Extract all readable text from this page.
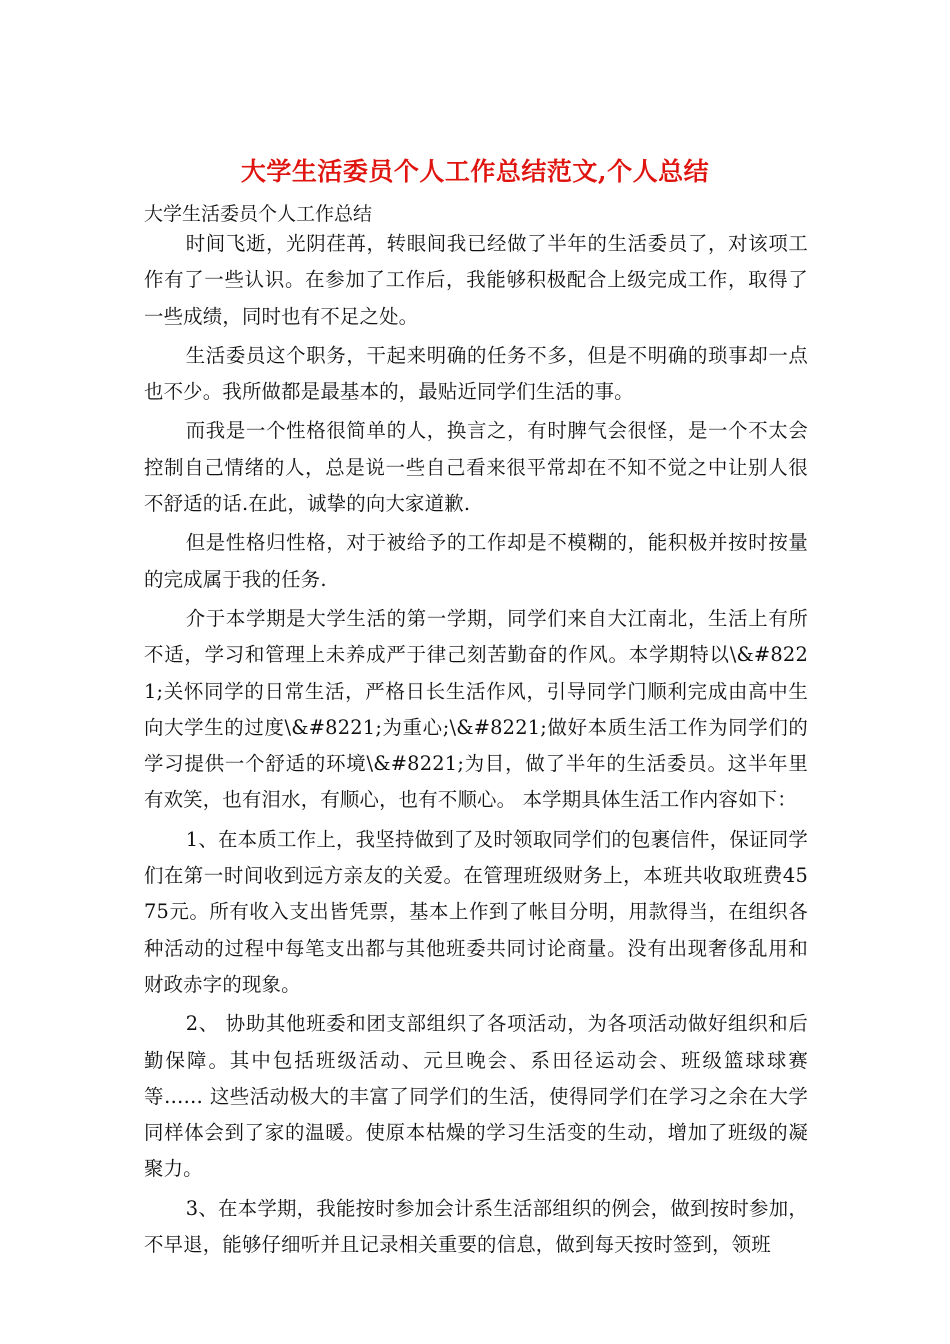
大学生活委员个人工作总结范文,个人总结
大学生活委员个人工作总结

时间飞逝，光阴荏苒，转眼间我已经做了半年的生活委员了，对该项工作有了一些认识。在参加了工作后，我能够积极配合上级完成工作，取得了一些成绩，同时也有不足之处。

生活委员这个职务，干起来明确的任务不多，但是不明确的琐事却一点也不少。我所做都是最基本的，最贴近同学们生活的事。

而我是一个性格很简单的人，换言之，有时脾气会很怪，是一个不太会控制自己情绪的人，总是说一些自己看来很平常却在不知不觉之中让别人很不舒适的话.在此，诚挚的向大家道歉.

但是性格归性格，对于被给予的工作却是不模糊的，能积极并按时按量的完成属于我的任务.

介于本学期是大学生活的第一学期，同学们来自大江南北，生活上有所不适，学习和管理上未养成严于律己刻苦勤奋的作风。本学期特以\&#8221;关怀同学的日常生活，严格日长生活作风，引导同学门顺利完成由高中生向大学生的过度\&#8221;为重心;\&#8221;做好本质生活工作为同学们的学习提供一个舒适的环境\&#8221;为目，做了半年的生活委员。这半年里有欢笑，也有泪水，有顺心，也有不顺心。 本学期具体生活工作内容如下：

1、在本质工作上，我坚持做到了及时领取同学们的包裹信件，保证同学们在第一时间收到远方亲友的关爱。在管理班级财务上，本班共收取班费4575元。所有收入支出皆凭票，基本上作到了帐目分明，用款得当，在组织各种活动的过程中每笔支出都与其他班委共同讨论商量。没有出现奢侈乱用和财政赤字的现象。

2、 协助其他班委和团支部组织了各项活动，为各项活动做好组织和后勤保障。其中包括班级活动、元旦晚会、系田径运动会、班级篮球球赛等…… 这些活动极大的丰富了同学们的生活，使得同学们在学习之余在大学同样体会到了家的温暖。使原本枯燥的学习生活变的生动，增加了班级的凝聚力。

3、在本学期，我能按时参加会计系生活部组织的例会，做到按时参加，不早退，能够仔细听并且记录相关重要的信息，做到每天按时签到，领班
